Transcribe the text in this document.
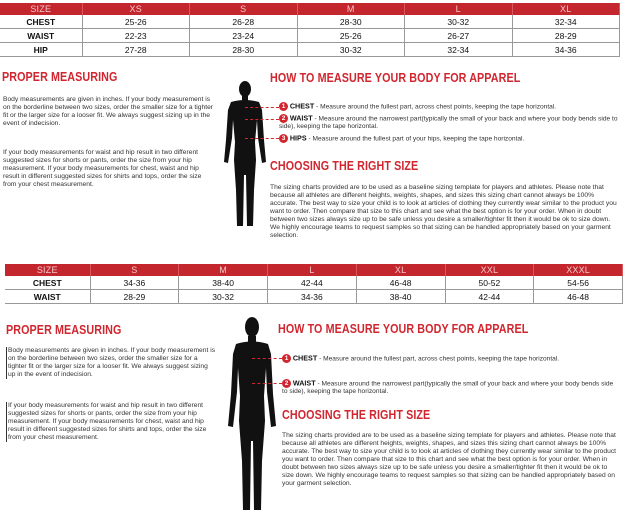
SIZE	XS	S	M	L	XL
CHEST	25-26	26-28	28-30	30-32	32-34
WAIST	22-23	23-24	25-26	26-27	28-29
HIP	27-28	28-30	30-32	32-34	34-36
PROPER MEASURING
Body measurements are given in inches. If your body measurement is on the borderline between two sizes, order the smaller size for a tighter fit or the larger size for a looser fit. We always suggest sizing up in the event of indecision.
If your body measurements for waist and hip result in two different suggested sizes for shorts or pants, order the size from your hip measurement. If your body measurements for chest, waist and hip result in different suggested sizes for shirts and tops, order the size from your chest measurement.
HOW TO MEASURE YOUR BODY FOR APPAREL
1 CHEST - Measure around the fullest part, across chest points, keeping the tape horizontal.
2 WAIST - Measure around the narrowest part(typically the small of your back and where your body bends side to side), keeping the tape horizontal.
3 HIPS - Measure around the fullest part of your hips, keeping the tape horizontal.
CHOOSING THE RIGHT SIZE
The sizing charts provided are to be used as a baseline sizing template for players and athletes. Please note that because all athletes are different heights, weights, shapes, and sizes this sizing chart cannot always be 100% accurate. The best way to size your child is to look at articles of clothing they currently wear similar to the product you want to order. Then compare that size to this chart and see what the best option is for your order. When in doubt between two sizes always size up to be safe unless you desire a smaller/tighter fit then it would be ok to size down. We highly encourage teams to request samples so that sizing can be handled appropriately based on your garment selection.
SIZE	S	M	L	XL	XXL	XXXL
CHEST	34-36	38-40	42-44	46-48	50-52	54-56
WAIST	28-29	30-32	34-36	38-40	42-44	46-48
PROPER MEASURING
Body measurements are given in inches. If your body measurement is on the borderline between two sizes, order the smaller size for a tighter fit or the larger size for a looser fit. We always suggest sizing up in the event of indecision.
If your body measurements for waist and hip result in two different suggested sizes for shorts or pants, order the size from your hip measurement. If your body measurements for chest, waist and hip result in different suggested sizes for shirts and tops, order the size from your chest measurement.
HOW TO MEASURE YOUR BODY FOR APPAREL
1 CHEST - Measure around the fullest part, across chest points, keeping the tape horizontal.
2 WAIST - Measure around the narrowest part(typically the small of your back and where your body bends side to side), keeping the tape horizontal.
CHOOSING THE RIGHT SIZE
The sizing charts provided are to be used as a baseline sizing template for players and athletes. Please note that because all athletes are different heights, weights, shapes, and sizes this sizing chart cannot always be 100% accurate. The best way to size your child is to look at articles of clothing they currently wear similar to the product you want to order. Then compare that size to this chart and see what the best option is for your order. When in doubt between two sizes always size up to be safe unless you desire a smaller/tighter fit then it would be ok to size down. We highly encourage teams to request samples so that sizing can be handled appropriately based on your garment selection.
